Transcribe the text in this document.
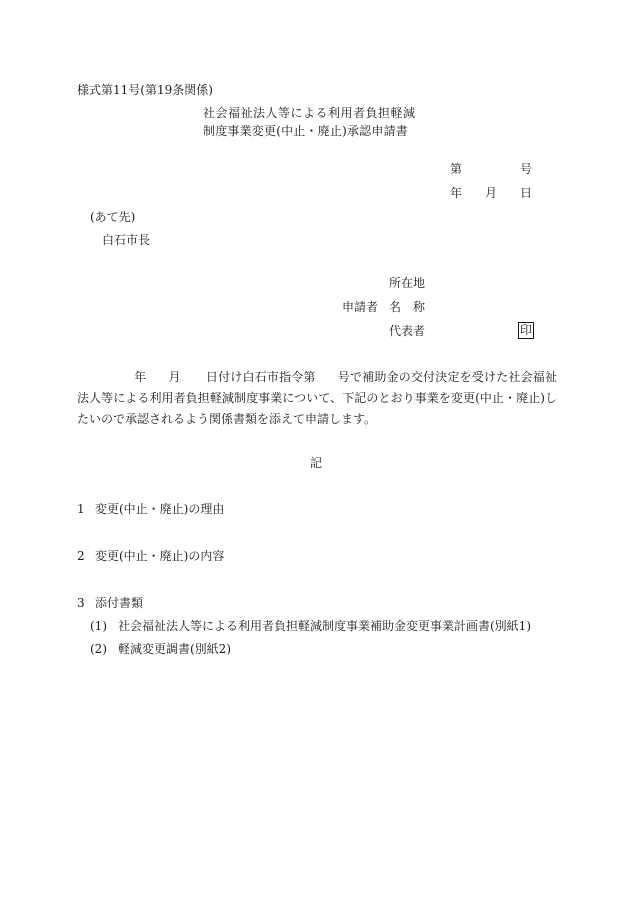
様式第11号(第19条関係)
社会福祉法人等による利用者負担軽減
制度事業変更(中止・廃止)承認申請書
第	号
年 月 日
(あて先)
白石市長
所在地
申請者 名　称
代表者	印
年 月 日付け白石市指令第 号で補助金の交付決定を受けた社会福祉法人等による利用者負担軽減制度事業について、下記のとおり事業を変更(中止・廃止)したいので承認されるよう関係書類を添えて申請します。
記
1 変更(中止・廃止)の理由
2 変更(中止・廃止)の内容
3 添付書類
(1) 社会福祉法人等による利用者負担軽減制度事業補助金変更事業計画書(別紙1)
(2) 軽減変更調書(別紙2)
